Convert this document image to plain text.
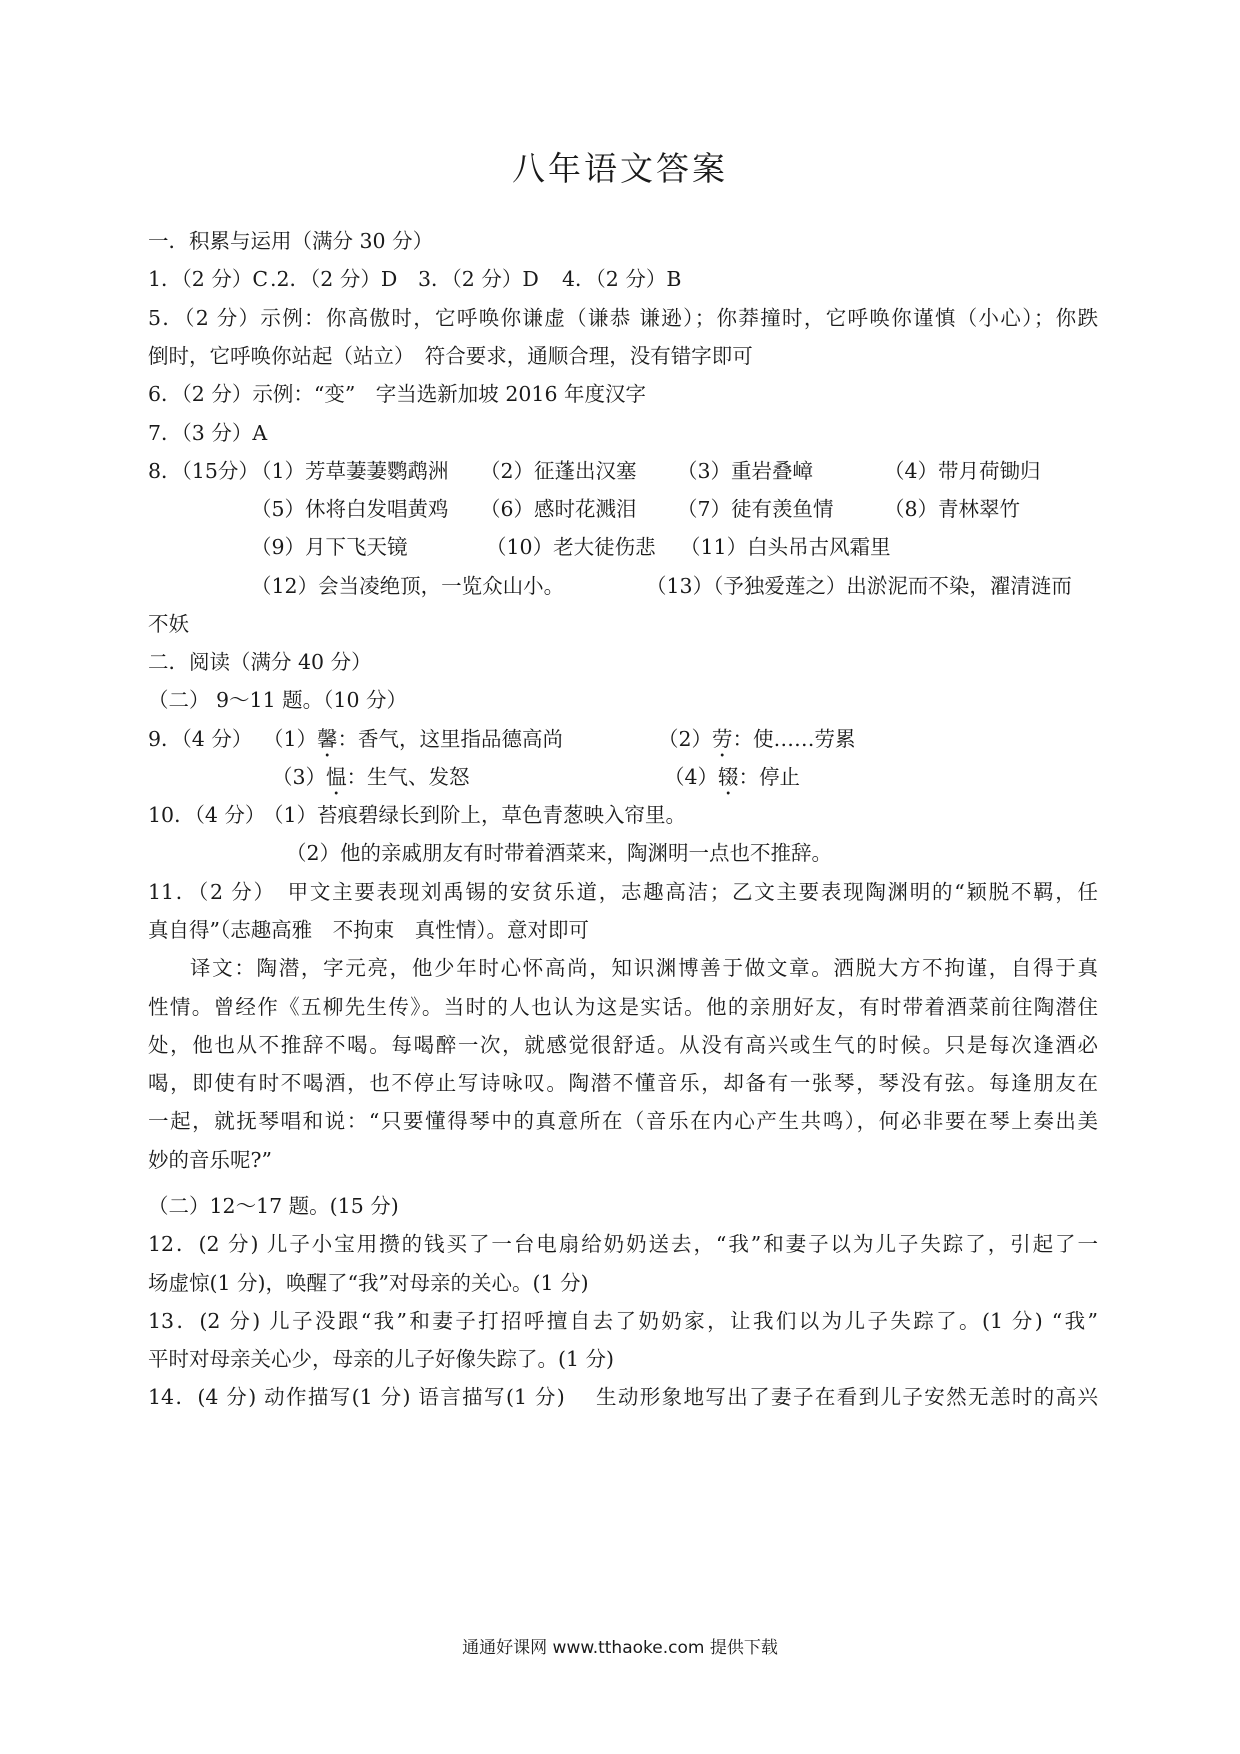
八年语文答案
一．积累与运用（满分 30 分）
1．（2 分）C .2．（2 分）D 3．（2 分）D 4．（2 分）B
5．（2 分）示例：你高傲时，它呼唤你谦虚（谦恭 谦逊）；你莽撞时，它呼唤你谨慎（小心）；你跌
倒时，它呼唤你站起（站立）　符合要求，通顺合理，没有错字即可
6．（2 分）示例：“变”　字当选新加坡 2016 年度汉字
7．（3 分）A
8．（15分）
（1）芳草萋萋鹦鹉洲 （2）征蓬出汉塞 （3）重岩叠嶂	（4）带月荷锄归
（5）休将白发唱黄鸡 （6）感时花溅泪 （7）徒有羡鱼情 （8）青林翠竹
（9）月下飞天镜	（10）老大徒伤悲 （11）白头吊古风霜里
（12）会当凌绝顶，一览众山小。	（13）（予独爱莲之）出淤泥而不染，濯清涟而
不妖
二．阅读（满分 40 分）
（二） 9～11 题。（10 分）
9．（4 分） （1）馨：香气，这里指品德高尚	（2）劳：使……劳累
（3）愠：生气、发怒	（4）辍：停止
10．（4 分）
（1）苔痕碧绿长到阶上，草色青葱映入帘里。
（2）他的亲戚朋友有时带着酒菜来，陶渊明一点也不推辞。
11．（2 分）　甲文主要表现刘禹锡的安贫乐道，志趣高洁；乙文主要表现陶渊明的“颖脱不羁，任
真自得”（志趣高雅　不拘束　真性情）。意对即可
译文：陶潜，字元亮，他少年时心怀高尚，知识渊博善于做文章。洒脱大方不拘谨，自得于真
性情。曾经作《五柳先生传》。当时的人也认为这是实话。他的亲朋好友，有时带着酒菜前往陶潜住
处，他也从不推辞不喝。每喝醉一次，就感觉很舒适。从没有高兴或生气的时候。只是每次逢酒必
喝，即使有时不喝酒，也不停止写诗咏叹。陶潜不懂音乐，却备有一张琴，琴没有弦。每逢朋友在
一起，就抚琴唱和说：“只要懂得琴中的真意所在（音乐在内心产生共鸣），何必非要在琴上奏出美
妙的音乐呢?”
（二）12～17 题。(15 分)
12．(2 分) 儿子小宝用攒的钱买了一台电扇给奶奶送去，“我”和妻子以为儿子失踪了，引起了一
场虚惊(1 分)，唤醒了“我”对母亲的关心。(1 分)
13．(2 分) 儿子没跟“我”和妻子打招呼擅自去了奶奶家，让我们以为儿子失踪了。(1 分) “我”
平时对母亲关心少，母亲的儿子好像失踪了。(1 分)
14．(4 分) 动作描写(1 分) 语言描写(1 分)　 生动形象地写出了妻子在看到儿子安然无恙时的高兴
通通好课网 www.tthaoke.com 提供下载
